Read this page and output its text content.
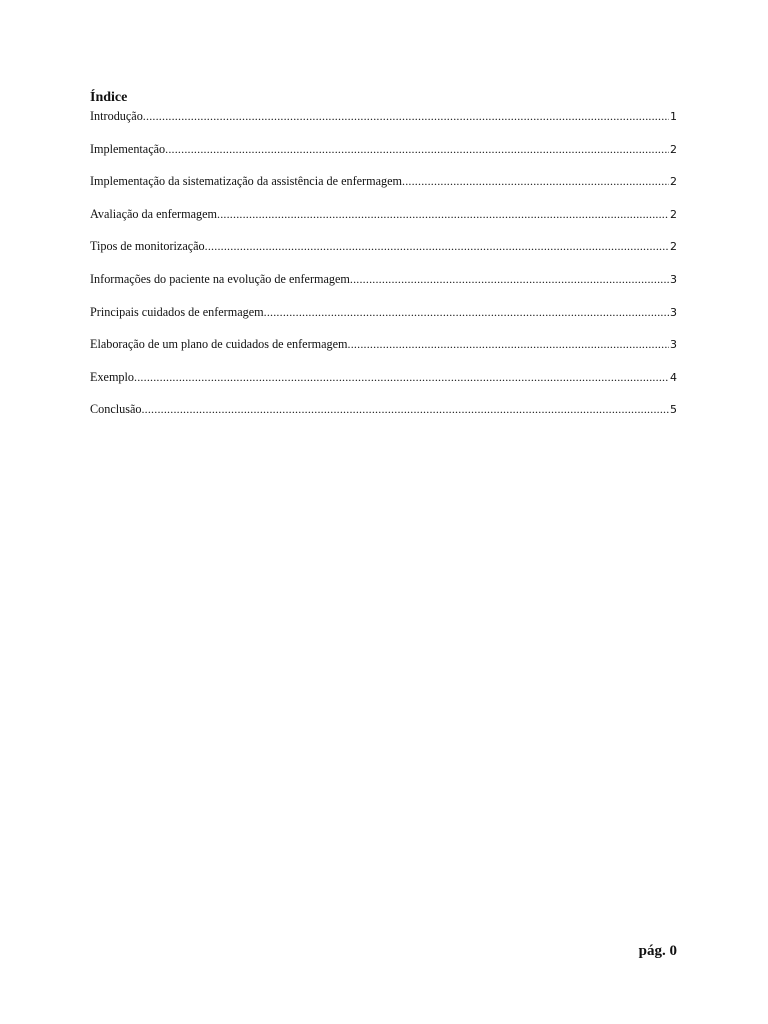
Índice
Introdução .....	1
Implementação .....	2
Implementação da sistematização da assistência de enfermagem .....	2
Avaliação da enfermagem .....	2
Tipos de monitorização .....	2
Informações do paciente na evolução de enfermagem .....	3
Principais cuidados de enfermagem .....	3
Elaboração de um plano de cuidados de enfermagem .....	3
Exemplo .....	4
Conclusão .....	5
pág. 0
